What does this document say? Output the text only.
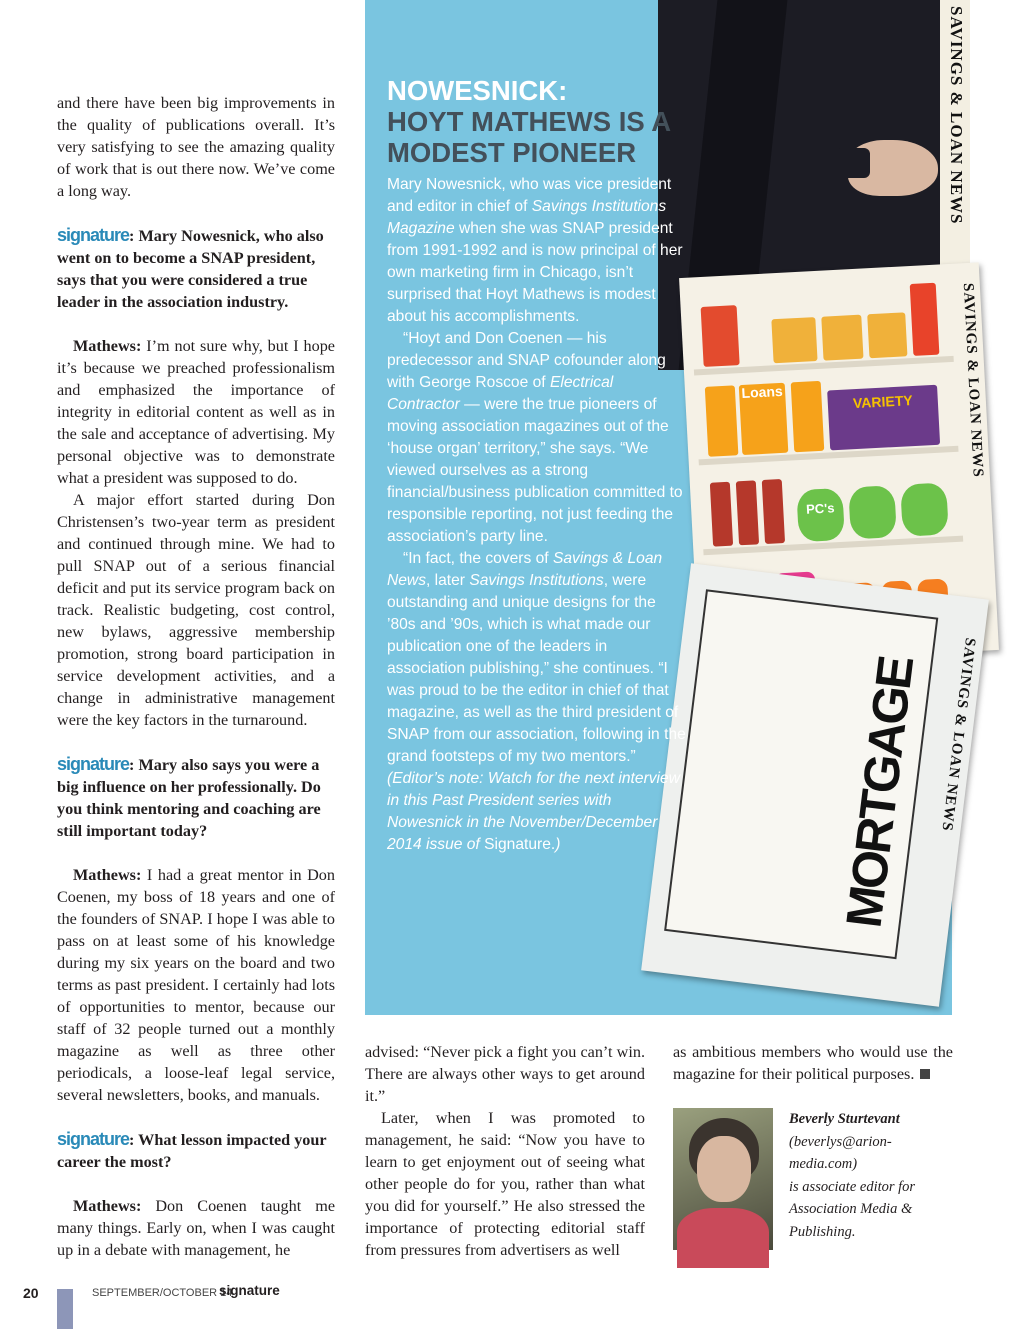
and there have been big improvements in the quality of publications overall. It’s very satisfying to see the amazing quality of work that is out there now. We’ve come a long way.

signature: Mary Nowesnick, who also went on to become a SNAP president, says that you were considered a true leader in the association industry.

Mathews: I’m not sure why, but I hope it’s because we preached professionalism and emphasized the importance of integrity in editorial content as well as in the sale and acceptance of advertising. My personal objective was to demonstrate what a president was supposed to do.

A major effort started during Don Christensen’s two-year term as president and continued through mine. We had to pull SNAP out of a serious financial deficit and put its service program back on track. Realistic budgeting, cost control, new bylaws, aggressive membership promotion, strong board participation in service development activities, and a change in administrative management were the key factors in the turnaround.

signature: Mary also says you were a big influence on her professionally. Do you think mentoring and coaching are still important today?

Mathews: I had a great mentor in Don Coenen, my boss of 18 years and one of the founders of SNAP. I hope I was able to pass on at least some of his knowledge during my six years on the board and two terms as past president. I certainly had lots of opportunities to mentor, because our staff of 32 people turned out a monthly magazine as well as three other periodicals, a loose-leaf legal service, several newsletters, books, and manuals.

signature: What lesson impacted your career the most?

Mathews: Don Coenen taught me many things. Early on, when I was caught up in a debate with management, he

advised: “Never pick a fight you can’t win. There are always other ways to get around it.”

Later, when I was promoted to management, he said: “Now you have to learn to get enjoyment out of seeing what other people do for you, rather than what you did for yourself.” He also stressed the importance of protecting editorial staff from pressures from advertisers as well

as ambitious members who would use the magazine for their political purposes.

SAVINGS & LOAN NEWS
SAVINGS & LOAN NEWS
Loans
VARIETY
PC's
MORTGAGE SAVINGS & LOAN NEWS
NOWESNICK:
HOYT MATHEWS IS A MODEST PIONEER

Mary Nowesnick, who was vice president and editor in chief of Savings Institutions Magazine when she was SNAP president from 1991-1992 and is now principal of her own marketing firm in Chicago, isn’t surprised that Hoyt Mathews is modest about his accomplishments.

“Hoyt and Don Coenen — his predecessor and SNAP cofounder along with George Roscoe of Electrical Contractor — were the true pioneers of moving association magazines out of the ‘house organ’ territory,” she says. “We viewed ourselves as a strong financial/business publication committed to responsible reporting, not just feeding the association’s party line.

“In fact, the covers of Savings & Loan News, later Savings Institutions, were outstanding and unique designs for the ’80s and ’90s, which is what made our publication one of the leaders in association publishing,” she continues. “I was proud to be the editor in chief of that magazine, as well as the third president of SNAP from our association, following in the grand footsteps of my two mentors.” (Editor’s note: Watch for the next interview in this Past President series with Nowesnick in the November/December 2014 issue of Signature.)

Beverly Sturtevant
(beverlys@arion-media.com)
is associate editor for Association Media & Publishing.
20	SEPTEMBER/OCTOBER 14
signature
